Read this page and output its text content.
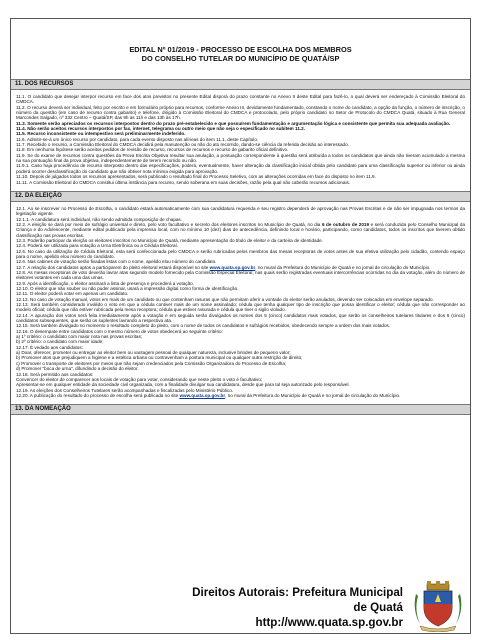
EDITAL Nº 01/2019 - PROCESSO DE ESCOLHA DOS MEMBROS
DO CONSELHO TUTELAR DO MUNICÍPIO DE QUATÁ/SP
11. DOS RECURSOS

11.1. O candidato que desejar interpor recurso em face dos atos previstos no presente Edital disporá do prazo constante no Anexo II deste Edital para fazê-lo, o qual deverá ser endereçado à Comissão Eleitoral do CMDCA.

11.2. O recurso deverá ser individual, feito por escrito e em formulário próprio para recursos, conforme Anexo III, devidamente fundamentado, constando o nome do candidato, a opção da função, o número de inscrição, o número da questão (em caso de recurso contra gabarito) e telefone, dirigido à Comissão Eleitoral do CMDCA e protocolado, pelo próprio candidato no Setor de Protocolo do CMDCA Quatá, situado à Rua General Marcondes Salgado, nº 332 Centro – Quatá/SP, das 9h as 11h e das 13h às 17h.

11.3. Somente serão apreciados os recursos interpostos dentro do prazo pré-estabelecido e que possuírem fundamentação e argumentação lógica e consistente que permita sua adequada avaliação.

11.4. Não serão aceitos recursos interpostos por fax, internet, telegrama ou outro meio que não seja o especificado no subitem 11.2.

11.5. Recurso inconsistente ou intempestivo será preliminarmente indeferido.

11.6. Admitir-se-á um único recurso por candidato, para cada evento disposto nas alíneas do item 11.1, deste Capítulo.

11.7. Recebido o recurso, a Comissão Eleitoral do CMDCA decidirá pela manutenção ou não do ato recorrido, dando-se ciência da referida decisão ao interessado.

11.8. Em nenhuma hipótese serão aceitos pedidos de revisão de recurso, recursos de recursos e recurso de gabarito oficial definitivo.

11.9. Se do exame de recursos contra questões da Prova Escrita Objetiva resultar sua anulação, a pontuação correspondente à questão será atribuída a todos os candidatos que ainda não tiveram acumulado a mesma na sua pontuação final da prova objetiva, independentemente de terem recorrido ou não.

11.9.1. Caso haja procedência de recurso interposto dentro das especificações, poderá, eventualmente, haver alteração da classificação inicial obtida pelo candidato para uma classificação superior ou inferior ou ainda poderá ocorrer desclassificação do candidato que não obtiver nota mínima exigida para aprovação.

11.10. Depois de julgados todos os recursos apresentados, será publicado o resultado final do Processo Seletivo, com as alterações ocorridas em face do disposto no item 11.9.

11.11. A Comissão Eleitoral do CMDCA constitui última instância para recurso, sendo soberana em suas decisões, razão pela qual não caberão recursos adicionais.

12. DA ELEIÇÃO

12.1. Ao se inscrever no Processo de Escolha, o candidato estará automaticamente com sua candidatura requerida e seu registro dependerá de aprovação nas Provas Escritas e de não ser impugnada nos termos da legislação vigente.

12.1.1. A candidatura será individual, não sendo admitida composição de chapas.

12.2. A eleição se dará por meio de sufrágio universal e direto, pelo voto facultativo e secreto dos eleitores inscritos no Município de Quatá, no dia 6 de outubro de 2019 e será conduzida pelo Conselho Municipal da Criança e do Adolescente, mediante edital publicado pela imprensa local, com no mínimo 10 (dez) dias de antecedência, definindo local e horário, participando, como candidatos, todos os inscritos que tiverem obtido classificação nas provas escritas.

12.3. Poderão participar da eleição os eleitores inscritos no Município de Quatá, mediante apresentação do título de eleitor e da carteira de identidade.

12.4. Poderá ser utilizada para votação a Urna Eletrônica ou a Cédula Eleitoral.

12.5. No caso da utilização de Cédula Eleitoral, esta será confeccionada pelo CMDCA e serão rubricadas pelos membros das mesas receptoras de votos antes de sua efetiva utilização pelo cidadão, contendo espaço para o nome, apelido elou número do candidato.

12.6. Nas cabines de votação serão fixadas listas com o nome, apelido elou número do candidato.

12.7. A relação dos candidatos aptos a participarem do pleito eleitoral estará disponível no site www.quata.sp.gov.br, no mural da Prefeitura do Município de Quatá e no jornal de circulação do Município.

12.8. As mesas receptoras de voto deverão lavrar atas segundo modelo fornecido pela Comissão Especial Eleitoral, nas quais serão registradas eventuais intercorrências ocorridas no dia da votação, além do número de eleitores votantes em cada uma das urnas.

12.9. Após a identificação, o eleitor assinará a lista de presença e procederá a votação.

12.10. O eleitor que não souber ou não puder assinar, usará a impressão digital como forma de identificação.

12.11. O eleitor poderá votar em apenas um candidato.

12.12. No caso de votação manual, votos em mais de um candidato ou que contenham rasuras que não permitam aferir a vontade do eleitor serão anulados, devendo ser colocados em envelope separado.

12.13. Será também considerado inválido o voto em que a cédula contiver mais de um nome assinalado; cédula que tenha qualquer tipo de inscrição que possa identificar o eleitor; cédula que não corresponder ao modelo oficial; cédula que não estiver rubricada pela mesa receptora; cédula que estiver rasurada e cédula que tiver o sigilo violado.

12.14. A apuração dos votos será feita imediatamente após a votação e em seguida serão divulgados os nomes dos 5 (cinco) candidatos mais votados, que serão os conselheiros tutelares titulares e dos 5 (cinco) candidatos subsequentes, que serão os suplentes lavrando a respectiva ata.

12.15. Será também divulgado no momento o resultado completo do pleito, com o nome de todos os candidatos e sufrágios recebidos, obedecendo sempre a ordem dos mais votados.

12.16. O desempate entre candidatos com o mesmo número de votos obedecerá ao seguinte critério:

a) 1º critério: o candidato com maior nota nas provas escritas;

b) 2º critério: o candidato com maior idade;

12.17. É vedado aos candidatos:

a) Doar, oferecer, prometer ou entregar ao eleitor bem ou vantagem pessoal de qualquer natureza, inclusive brindes de pequeno valor;

b) Promover atos que prejudiquem a higiene e a estética urbana ou contravenham a postura municipal ou qualquer outra restrição de direito;

c) Promover o transporte de eleitores por meios que não sejam credenciados pela Comissão Organizadora do Processo de Escolha;

d) Promover "boca de urna", difundindo a decisão do eleitor.

12.18. Será permitido aos candidatos:

Convencer do eleitor de comparecer aos locais de votação para votar, considerando que neste pleito o voto é facultativo;

Apresentar-se em qualquer entidade da sociedade civil organizada, com a finalidade divulgar sua candidatura, desde que para tal seja autorizado pelo responsável.

12.19. As eleições dos Conselheiros Tutelares serão acompanhadas e fiscalizadas pelo Ministério Público.

12.20. A publicação do resultado do processo de escolha será publicada no site www.quata.sp.gov.br, no mural da Prefeitura do Município de Quatá e no jornal de circulação do Município.

13. DA NOMEAÇÃO
Direitos Autorais: Prefeitura Municipal de Quatá
http://www.quata.sp.gov.br
